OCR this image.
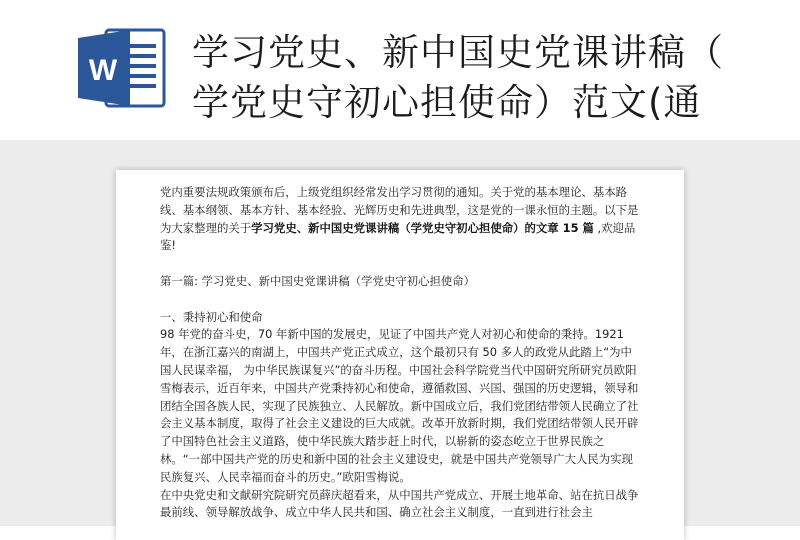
W 学习党史、新中国史党课讲稿（
学党史守初心担使命）范文(通

党内重要法规政策颁布后，上级党组织经常发出学习贯彻的通知。关于党的基本理论、基本路线、基本纲领、基本方针、基本经验、光辉历史和先进典型，这是党的一课永恒的主题。以下是为大家整理的关于学习党史、新中国史党课讲稿（学党史守初心担使命）的文章 15 篇 ,欢迎品鉴!

第一篇: 学习党史、新中国史党课讲稿（学党史守初心担使命）

一、秉持初心和使命

98 年党的奋斗史，70 年新中国的发展史，见证了中国共产党人对初心和使命的秉持。1921 年，在浙江嘉兴的南湖上，中国共产党正式成立，这个最初只有 50 多人的政党从此踏上“为中国人民谋幸福， 为中华民族谋复兴”的奋斗历程。中国社会科学院党当代中国研究所研究员欧阳雪梅表示，近百年来，中国共产党秉持初心和使命，遵循救国、兴国、强国的历史逻辑，领导和团结全国各族人民，实现了民族独立、人民解放。新中国成立后，我们党团结带领人民确立了社会主义基本制度，取得了社会主义建设的巨大成就。改革开放新时期，我们党团结带领人民开辟了中国特色社会主义道路，使中华民族大踏步赶上时代，以崭新的姿态屹立于世界民族之林。“一部中国共产党的历史和新中国的社会主义建设史，就是中国共产党领导广大人民为实现民族复兴、人民幸福而奋斗的历史。”欧阳雪梅说。

在中央党史和文献研究院研究员薛庆超看来，从中国共产党成立、开展土地革命、站在抗日战争最前线、领导解放战争、成立中华人民共和国、确立社会主义制度，一直到进行社会主
